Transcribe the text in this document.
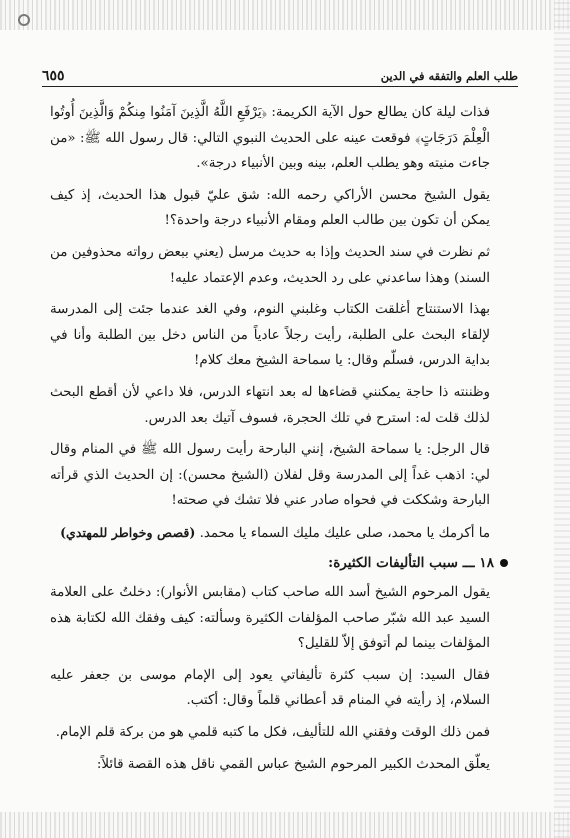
طلب العلم والتفقه في الدين
٦٥٥

فذات ليلة كان يطالع حول الآية الكريمة: ﴿يَرْفَعِ اللَّهُ الَّذِينَ آمَنُوا مِنكُمْ وَالَّذِينَ أُوتُوا الْعِلْمَ دَرَجَاتٍ﴾ فوقعت عينه على الحديث النبوي التالي: قال رسول الله ﷺ: «من جاءت منيته وهو يطلب العلم، بينه وبين الأنبياء درجة».

يقول الشيخ محسن الأراكي رحمه الله: شق عليّ قبول هذا الحديث، إذ كيف يمكن أن تكون بين طالب العلم ومقام الأنبياء درجة واحدة؟!

ثم نظرت في سند الحديث وإذا به حديث مرسل (يعني ببعض رواته محذوفين من السند) وهذا ساعدني على رد الحديث، وعدم الإعتماد عليه!

بهذا الاستنتاج أغلقت الكتاب وغلبني النوم، وفي الغد عندما جئت إلى المدرسة لإلقاء البحث على الطلبة، رأيت رجلاً عادياً من الناس دخل بين الطلبة وأنا في بداية الدرس، فسلّم وقال: يا سماحة الشيخ معك كلام!

وظننته ذا حاجة يمكنني قضاءها له بعد انتهاء الدرس، فلا داعي لأن أقطع البحث لذلك قلت له: استرح في تلك الحجرة، فسوف آتيك بعد الدرس.

قال الرجل: يا سماحة الشيخ، إنني البارحة رأيت رسول الله ﷺ في المنام وقال لي: اذهب غداً إلى المدرسة وقل لفلان (الشيخ محسن): إن الحديث الذي قرأته البارحة وشككت في فحواه صادر عني فلا تشك في صحته!

ما أكرمك يا محمد، صلى عليك مليك السماء يا محمد. (قصص وخواطر للمهتدي)

١٨ ـــ سبب التأليفات الكثيرة:

يقول المرحوم الشيخ أسد الله صاحب كتاب (مقابس الأنوار): دخلتُ على العلامة السيد عبد الله شبّر صاحب المؤلفات الكثيرة وسألته: كيف وفقك الله لكتابة هذه المؤلفات بينما لم أتوفق إلاّ للقليل؟

فقال السيد: إن سبب كثرة تأليفاتي يعود إلى الإمام موسى بن جعفر عليه السلام، إذ رأيته في المنام قد أعطاني قلماً وقال: أكتب.

فمن ذلك الوقت وفقني الله للتأليف، فكل ما كتبه قلمي هو من بركة قلم الإمام.

يعلّق المحدث الكبير المرحوم الشيخ عباس القمي ناقل هذه القصة قائلاً:
